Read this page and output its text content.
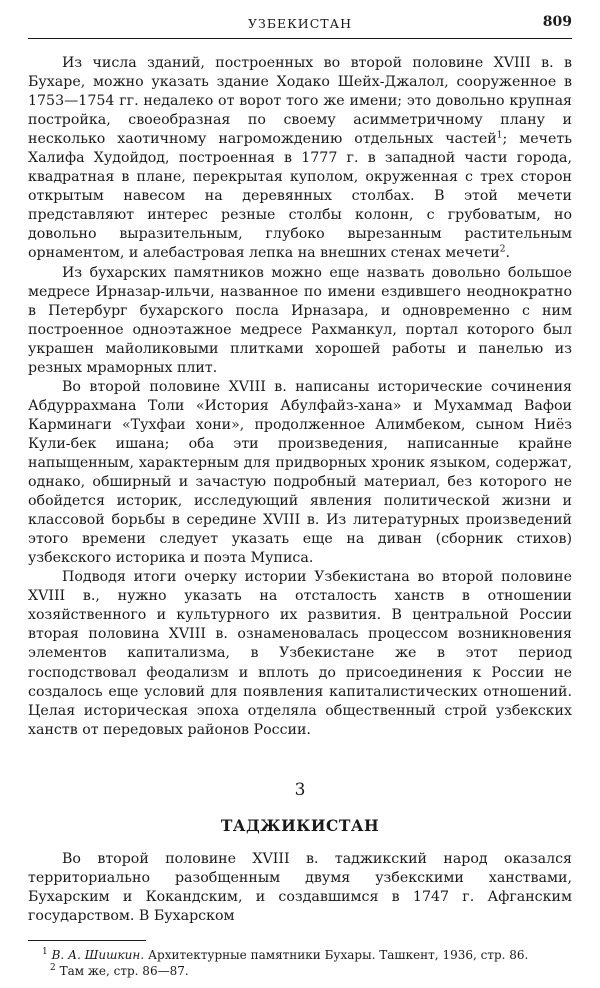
УЗБЕКИСТАН	809

Из числа зданий, построенных во второй половине XVIII в. в Бухаре, можно указать здание Ходако Шейх-Джалол, сооруженное в 1753—1754 гг. недалеко от ворот того же имени; это довольно крупная постройка, своеобразная по своему асимметричному плану и несколько хаотичному нагромождению отдельных частей$^1$; мечеть Халифа Худойдод, построенная в 1777 г. в западной части города, квадратная в плане, перекрытая куполом, окруженная с трех сторон открытым навесом на деревянных столбах. В этой мечети представляют интерес резные столбы колонн, с грубоватым, но довольно выразительным, глубоко вырезанным растительным орнаментом, и алебастровая лепка на внешних стенах мечети$^2$.

Из бухарских памятников можно еще назвать довольно большое медресе Ирназар-ильчи, названное по имени ездившего неоднократно в Петербург бухарского посла Ирназара, и одновременно с ним построенное одноэтажное медресе Рахманкул, портал которого был украшен майоликовыми плитками хорошей работы и панелью из резных мраморных плит.

Во второй половине XVIII в. написаны исторические сочинения Абдуррахмана Толи «История Абулфайз-хана» и Мухаммад Вафои Карминаги «Тухфаи хони», продолженное Алимбеком, сыном Ниёз Кули-бек ишана; оба эти произведения, написанные крайне напыщенным, характерным для придворных хроник языком, содержат, однако, обширный и зачастую подробный материал, без которого не обойдется историк, исследующий явления политической жизни и классовой борьбы в середине XVIII в. Из литературных произведений этого времени следует указать еще на диван (сборник стихов) узбекского историка и поэта Муписа.

Подводя итоги очерку истории Узбекистана во второй половине XVIII в., нужно указать на отсталость ханств в отношении хозяйственного и культурного их развития. В центральной России вторая половина XVIII в. ознаменовалась процессом возникновения элементов капитализма, в Узбекистане же в этот период господствовал феодализм и вплоть до присоединения к России не создалось еще условий для появления капиталистических отношений. Целая историческая эпоха отделяла общественный строй узбекских ханств от передовых районов России.

3
ТАДЖИКИСТАН

Во второй половине XVIII в. таджикский народ оказался территориально разобщенным двумя узбекскими ханствами, Бухарским и Кокандским, и создавшимся в 1747 г. Афганским государством. В Бухарском

$^1$ В. А. Шишкин. Архитектурные памятники Бухары. Ташкент, 1936, стр. 86.
$^2$ Там же, стр. 86—87.
